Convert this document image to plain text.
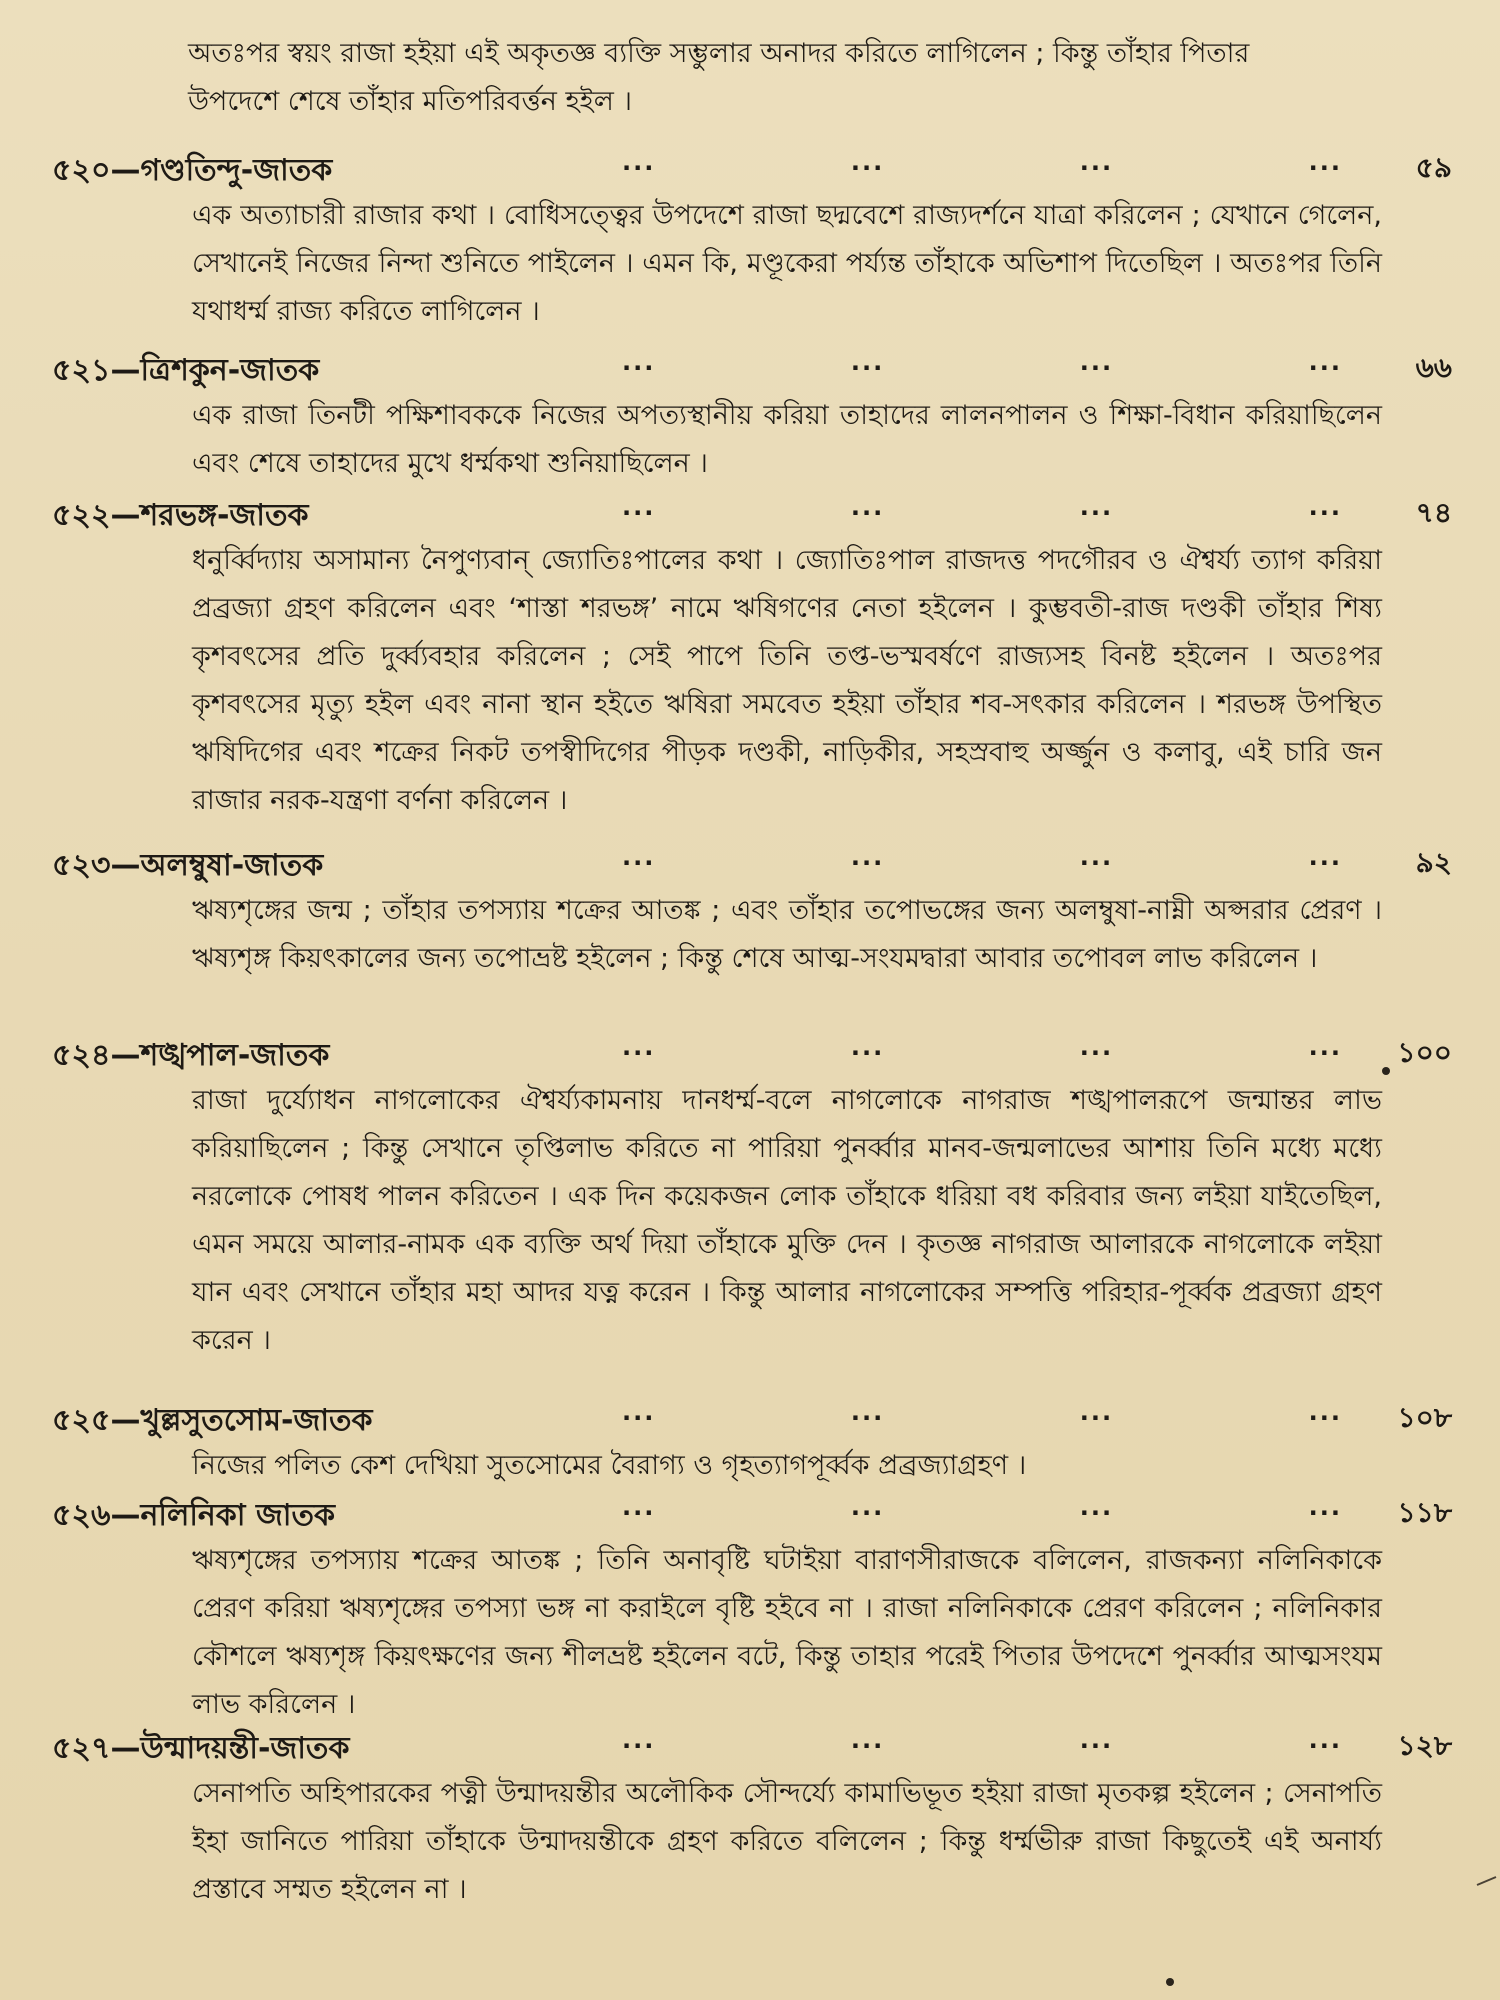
অতঃপর স্বয়ং রাজা হইয়া এই অকৃতজ্ঞ ব্যক্তি সম্ভুলার অনাদর করিতে লাগিলেন ; কিন্তু তাঁহার পিতার উপদেশে শেষে তাঁহার মতিপরিবর্ত্তন হইল ।

৫২০—গণ্ডতিন্দু-জাতক	...	...	...	...	৫৯

এক অত্যাচারী রাজার কথা । বোধিসত্ত্বের উপদেশে রাজা ছদ্মবেশে রাজ্যদর্শনে যাত্রা করিলেন ; যেখানে গেলেন, সেখানেই নিজের নিন্দা শুনিতে পাইলেন । এমন কি, মণ্ডূকেরা পর্য্যন্ত তাঁহাকে অভিশাপ দিতেছিল । অতঃপর তিনি যথাধর্ম্ম রাজ্য করিতে লাগিলেন ।

৫২১—ত্রিশকুন-জাতক	...	...	...	...	৬৬

এক রাজা তিনটী পক্ষিশাবককে নিজের অপত্যস্থানীয় করিয়া তাহাদের লালনপালন ও শিক্ষা-বিধান করিয়াছিলেন এবং শেষে তাহাদের মুখে ধর্ম্মকথা শুনিয়াছিলেন ।

৫২২—শরভঙ্গ-জাতক	...	...	...	...	৭৪

ধনুর্ব্বিদ্যায় অসামান্য নৈপুণ্যবান্ জ্যোতিঃপালের কথা । জ্যোতিঃপাল রাজদত্ত পদগৌরব ও ঐশ্বর্য্য ত্যাগ করিয়া প্রব্রজ্যা গ্রহণ করিলেন এবং ‘শাস্তা শরভঙ্গ’ নামে ঋষিগণের নেতা হইলেন । কুম্ভবতী-রাজ দণ্ডকী তাঁহার শিষ্য কৃশবৎসের প্রতি দুর্ব্ব্যবহার করিলেন ; সেই পাপে তিনি তপ্ত-ভস্মবর্ষণে রাজ্যসহ বিনষ্ট হইলেন । অতঃপর কৃশবৎসের মৃত্যু হইল এবং নানা স্থান হইতে ঋষিরা সমবেত হইয়া তাঁহার শব-সৎকার করিলেন । শরভঙ্গ উপস্থিত ঋষিদিগের এবং শক্রের নিকট তপস্বীদিগের পীড়ক দণ্ডকী, নাড়িকীর, সহস্রবাহু অর্জ্জুন ও কলাবু, এই চারি জন রাজার নরক-যন্ত্রণা বর্ণনা করিলেন ।

৫২৩—অলম্বুষা-জাতক	...	...	...	...	৯২

ঋষ্যশৃঙ্গের জন্ম ; তাঁহার তপস্যায় শক্রের আতঙ্ক ; এবং তাঁহার তপোভঙ্গের জন্য অলম্বুষা-নাম্নী অপ্সরার প্রেরণ । ঋষ্যশৃঙ্গ কিয়ৎকালের জন্য তপোভ্রষ্ট হইলেন ; কিন্তু শেষে আত্ম-সংযমদ্বারা আবার তপোবল লাভ করিলেন ।

৫২৪—শঙ্খপাল-জাতক	...	...	...	...	১০০

রাজা দুর্য্যোধন নাগলোকের ঐশ্বর্য্যকামনায় দানধর্ম্ম-বলে নাগলোকে নাগরাজ শঙ্খপালরূপে জন্মান্তর লাভ করিয়াছিলেন ; কিন্তু সেখানে তৃপ্তিলাভ করিতে না পারিয়া পুনর্ব্বার মানব-জন্মলাভের আশায় তিনি মধ্যে মধ্যে নরলোকে পোষধ পালন করিতেন । এক দিন কয়েকজন লোক তাঁহাকে ধরিয়া বধ করিবার জন্য লইয়া যাইতেছিল, এমন সময়ে আলার-নামক এক ব্যক্তি অর্থ দিয়া তাঁহাকে মুক্তি দেন । কৃতজ্ঞ নাগরাজ আলারকে নাগলোকে লইয়া যান এবং সেখানে তাঁহার মহা আদর যত্ন করেন । কিন্তু আলার নাগলোকের সম্পত্তি পরিহার-পূর্ব্বক প্রব্রজ্যা গ্রহণ করেন ।

৫২৫—খুল্লসুতসোম-জাতক	...	...	...	...	১০৮

নিজের পলিত কেশ দেখিয়া সুতসোমের বৈরাগ্য ও গৃহত্যাগপূর্ব্বক প্রব্রজ্যাগ্রহণ ।

৫২৬—নলিনিকা জাতক	...	...	...	...	১১৮

ঋষ্যশৃঙ্গের তপস্যায় শক্রের আতঙ্ক ; তিনি অনাবৃষ্টি ঘটাইয়া বারাণসীরাজকে বলিলেন, রাজকন্যা নলিনিকাকে প্রেরণ করিয়া ঋষ্যশৃঙ্গের তপস্যা ভঙ্গ না করাইলে বৃষ্টি হইবে না । রাজা নলিনিকাকে প্রেরণ করিলেন ; নলিনিকার কৌশলে ঋষ্যশৃঙ্গ কিয়ৎক্ষণের জন্য শীলভ্রষ্ট হইলেন বটে, কিন্তু তাহার পরেই পিতার উপদেশে পুনর্ব্বার আত্মসংযম লাভ করিলেন ।

৫২৭—উন্মাদয়ন্তী-জাতক	...	...	...	...	১২৮

সেনাপতি অহিপারকের পত্নী উন্মাদয়ন্তীর অলৌকিক সৌন্দর্য্যে কামাভিভূত হইয়া রাজা মৃতকল্প হইলেন ; সেনাপতি ইহা জানিতে পারিয়া তাঁহাকে উন্মাদয়ন্তীকে গ্রহণ করিতে বলিলেন ; কিন্তু ধর্ম্মভীরু রাজা কিছুতেই এই অনার্য্য প্রস্তাবে সম্মত হইলেন না ।
